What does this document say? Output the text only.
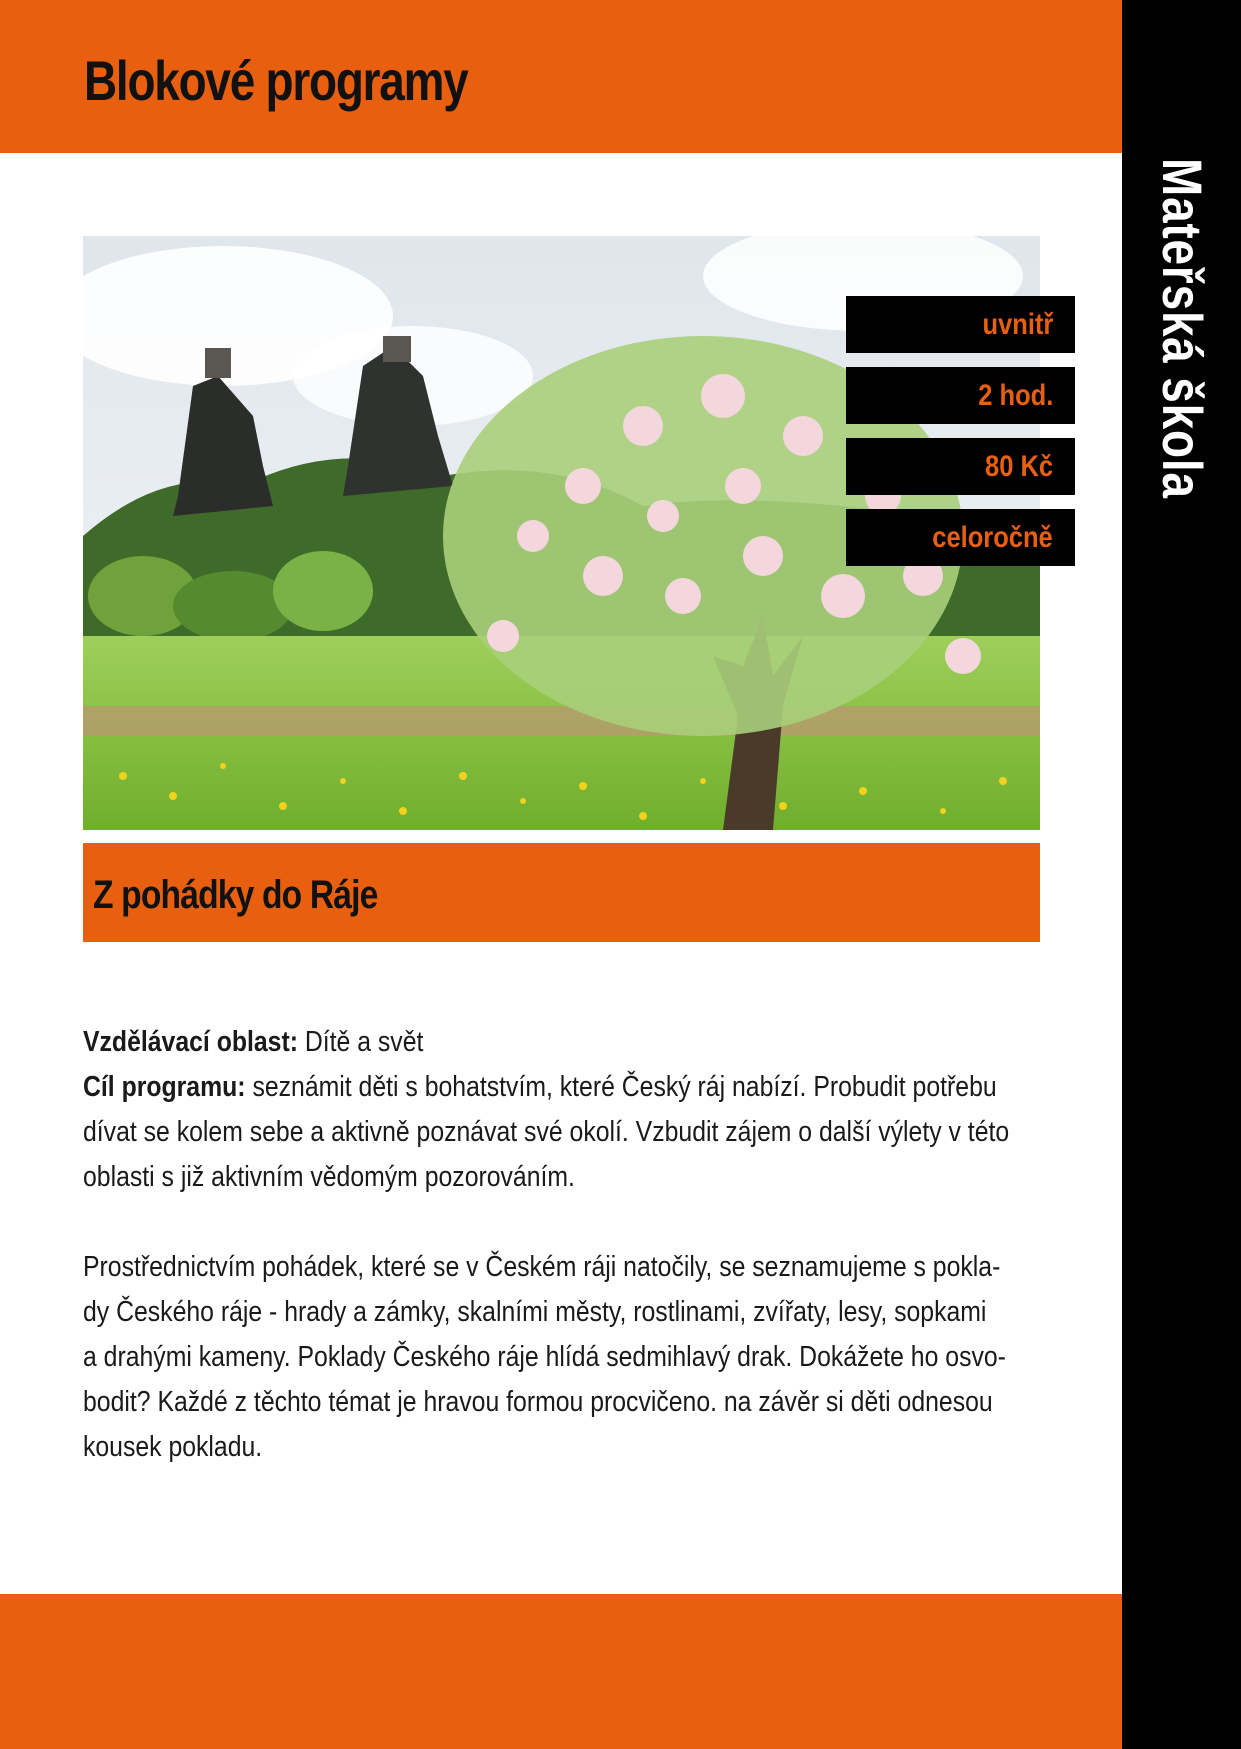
Blokové programy
Mateřská škola
uvnitř
2 hod.
80 Kč
celoročně
Z pohádky do Ráje

Vzdělávací oblast: Dítě a svět

Cíl programu: seznámit děti s bohatstvím, které Český ráj nabízí. Probudit potřebu

dívat se kolem sebe a aktivně poznávat své okolí. Vzbudit zájem o další výlety v této

oblasti s již aktivním vědomým pozorováním.

Prostřednictvím pohádek, které se v Českém ráji natočily, se seznamujeme s pokla-

dy Českého ráje - hrady a zámky, skalními městy, rostlinami, zvířaty, lesy, sopkami

a drahými kameny. Poklady Českého ráje hlídá sedmihlavý drak. Dokážete ho osvo-

bodit? Každé z těchto témat je hravou formou procvičeno. na závěr si děti odnesou

kousek pokladu.
